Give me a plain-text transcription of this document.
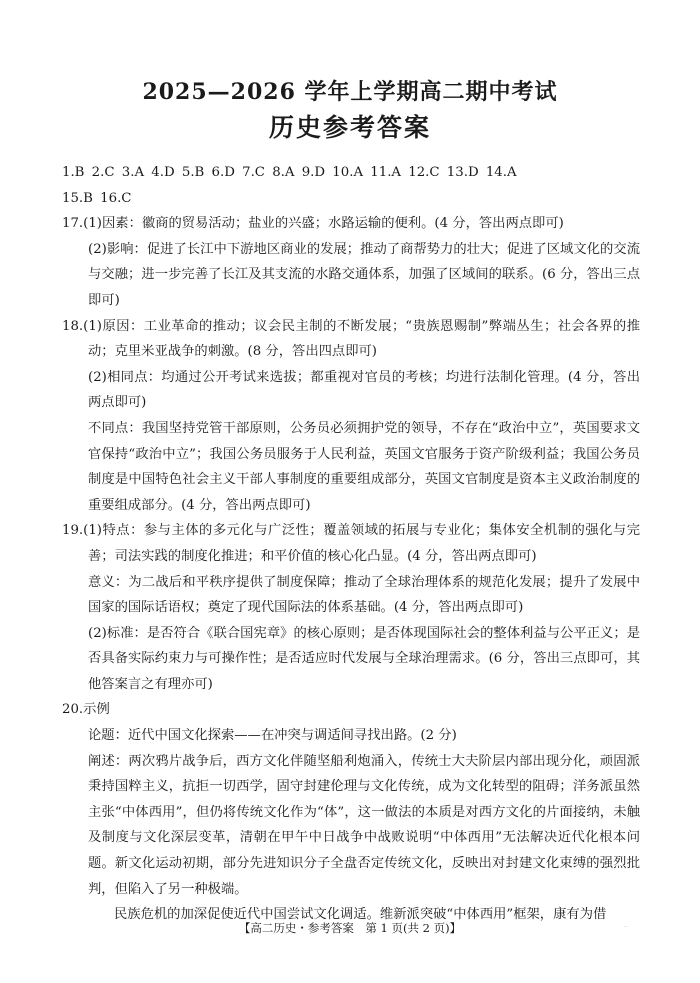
2025—2026 学年上学期高二期中考试
历史参考答案

1.B 2.C 3.A 4.D 5.B 6.D 7.C 8.A 9.D 10.A 11.A 12.C 13.D 14.A

15.B 16.C

17.(1)因素：徽商的贸易活动；盐业的兴盛；水路运输的便利。(4 分，答出两点即可)

(2)影响：促进了长江中下游地区商业的发展；推动了商帮势力的壮大；促进了区域文化的交流与交融；进一步完善了长江及其支流的水路交通体系，加强了区域间的联系。(6 分，答出三点即可)

18.(1)原因：工业革命的推动；议会民主制的不断发展；“贵族恩赐制”弊端丛生；社会各界的推动；克里米亚战争的刺激。(8 分，答出四点即可)

(2)相同点：均通过公开考试来选拔；都重视对官员的考核；均进行法制化管理。(4 分，答出两点即可)

不同点：我国坚持党管干部原则，公务员必须拥护党的领导，不存在“政治中立”，英国要求文官保持“政治中立”；我国公务员服务于人民利益，英国文官服务于资产阶级利益；我国公务员制度是中国特色社会主义干部人事制度的重要组成部分，英国文官制度是资本主义政治制度的重要组成部分。(4 分，答出两点即可)

19.(1)特点：参与主体的多元化与广泛性；覆盖领域的拓展与专业化；集体安全机制的强化与完善；司法实践的制度化推进；和平价值的核心化凸显。(4 分，答出两点即可)

意义：为二战后和平秩序提供了制度保障；推动了全球治理体系的规范化发展；提升了发展中国家的国际话语权；奠定了现代国际法的体系基础。(4 分，答出两点即可)

(2)标准：是否符合《联合国宪章》的核心原则；是否体现国际社会的整体利益与公平正义；是否具备实际约束力与可操作性；是否适应时代发展与全球治理需求。(6 分，答出三点即可，其他答案言之有理亦可)

20.示例

论题：近代中国文化探索——在冲突与调适间寻找出路。(2 分)

阐述：两次鸦片战争后，西方文化伴随坚船利炮涌入，传统士大夫阶层内部出现分化，顽固派秉持国粹主义，抗拒一切西学，固守封建伦理与文化传统，成为文化转型的阻碍；洋务派虽然主张“中体西用”，但仍将传统文化作为“体”，这一做法的本质是对西方文化的片面接纳，未触及制度与文化深层变革，清朝在甲午中日战争中战败说明“中体西用”无法解决近代化根本问题。新文化运动初期，部分先进知识分子全盘否定传统文化，反映出对封建文化束缚的强烈批判，但陷入了另一种极端。

民族危机的加深促使近代中国尝试文化调适。维新派突破“中体西用”框架，康有为借

【高二历史・参考答案　第 1 页(共 2 页)】	..
